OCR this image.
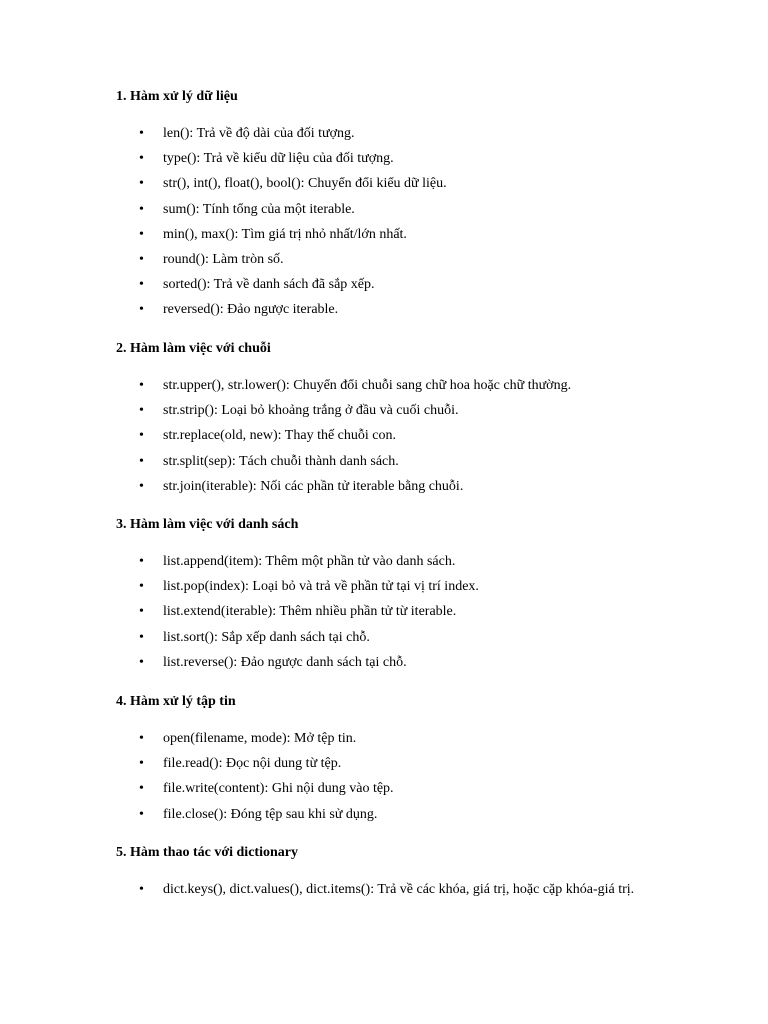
1. Hàm xử lý dữ liệu

• len(): Trả về độ dài của đối tượng.
• type(): Trả về kiểu dữ liệu của đối tượng.
• str(), int(), float(), bool(): Chuyển đổi kiểu dữ liệu.
• sum(): Tính tổng của một iterable.
• min(), max(): Tìm giá trị nhỏ nhất/lớn nhất.
• round(): Làm tròn số.
• sorted(): Trả về danh sách đã sắp xếp.
• reversed(): Đảo ngược iterable.

2. Hàm làm việc với chuỗi

• str.upper(), str.lower(): Chuyển đổi chuỗi sang chữ hoa hoặc chữ thường.
• str.strip(): Loại bỏ khoảng trắng ở đầu và cuối chuỗi.
• str.replace(old, new): Thay thế chuỗi con.
• str.split(sep): Tách chuỗi thành danh sách.
• str.join(iterable): Nối các phần tử iterable bằng chuỗi.

3. Hàm làm việc với danh sách

• list.append(item): Thêm một phần tử vào danh sách.
• list.pop(index): Loại bỏ và trả về phần tử tại vị trí index.
• list.extend(iterable): Thêm nhiều phần tử từ iterable.
• list.sort(): Sắp xếp danh sách tại chỗ.
• list.reverse(): Đảo ngược danh sách tại chỗ.

4. Hàm xử lý tập tin

• open(filename, mode): Mở tệp tin.
• file.read(): Đọc nội dung từ tệp.
• file.write(content): Ghi nội dung vào tệp.
• file.close(): Đóng tệp sau khi sử dụng.

5. Hàm thao tác với dictionary

• dict.keys(), dict.values(), dict.items(): Trả về các khóa, giá trị, hoặc cặp khóa-giá trị.
